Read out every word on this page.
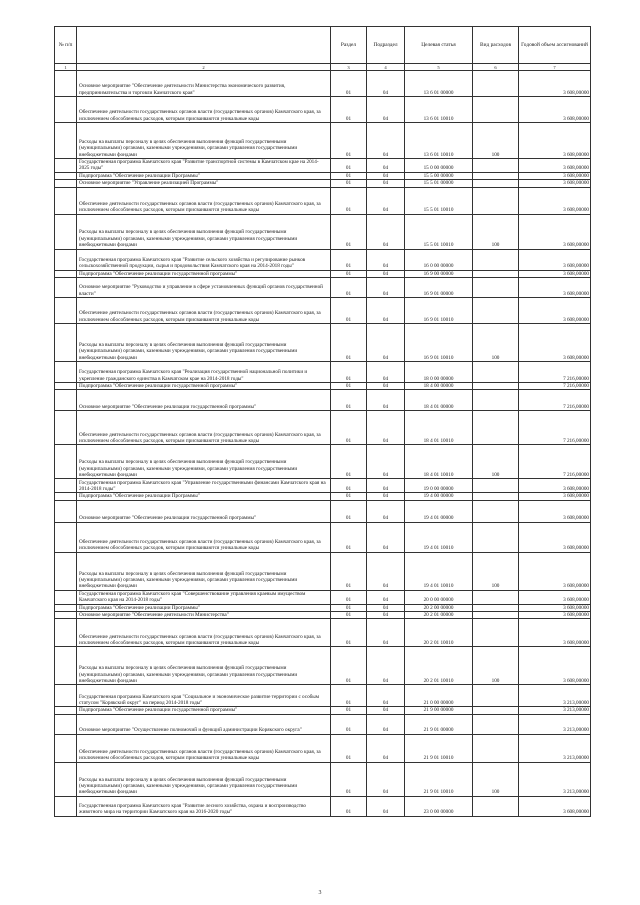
№ п/п		Раздел	Подраздел	Целевая статья	Вид расходов	Годовой объем ассигнований
1	2	3	4	5	6	7
	Основное мероприятие "Обеспечение деятельности Министерства экономического развития, предпринимательства и торговли Камчатского края"	01	04	13 6 01 00000		3 608,00000
	Обеспечение деятельности государственных органов власти (государственных органов) Камчатского края, за исключением обособленных расходов, которым присваиваются уникальные коды	01	04	13 6 01 10010		3 608,00000
	Расходы на выплаты персоналу в целях обеспечения выполнения функций государственными (муниципальными) органами, казенными учреждениями, органами управления государственными внебюджетными фондами	01	04	13 6 01 10010	100	3 608,00000
	Государственная программа Камчатского края "Развитие транспортной системы в Камчатском крае на 2014-2025 годы"	01	04	15 0 00 00000		3 608,00000
	Подпрограмма "Обеспечение реализации Программы"	01	04	15 5 00 00000		3 608,00000
	Основное мероприятие "Управление реализацией Программы"	01	04	15 5 01 00000		3 608,00000
	Обеспечение деятельности государственных органов власти (государственных органов) Камчатского края, за исключением обособленных расходов, которым присваиваются уникальные коды	01	04	15 5 01 10010		3 608,00000
	Расходы на выплаты персоналу в целях обеспечения выполнения функций государственными (муниципальными) органами, казенными учреждениями, органами управления государственными внебюджетными фондами	01	04	15 5 01 10010	100	3 608,00000
	Государственная программа Камчатского края "Развитие сельского хозяйства и регулирование рынков сельскохозяйственной продукции, сырья и продовольствия Камчатского края на 2014-2018 годы"	01	04	16 0 00 00000		3 608,00000
	Подпрограмма "Обеспечение реализации государственной программы"	01	04	16 9 00 00000		3 608,00000
	Основное мероприятие "Руководство и управление в сфере установленных функций органов государственной власти"	01	04	16 9 01 00000		3 608,00000
	Обеспечение деятельности государственных органов власти (государственных органов) Камчатского края, за исключением обособленных расходов, которым присваиваются уникальные коды	01	04	16 9 01 10010		3 608,00000
	Расходы на выплаты персоналу в целях обеспечения выполнения функций государственными (муниципальными) органами, казенными учреждениями, органами управления государственными внебюджетными фондами	01	04	16 9 01 10010	100	3 608,00000
	Государственная программа Камчатского края "Реализация государственной национальной политики и укрепление гражданского единства в Камчатском крае на 2014-2018 годы"	01	04	18 0 00 00000		7 216,00000
	Подпрограмма "Обеспечение реализации государственной программы"	01	04	18 4 00 00000		7 216,00000
	Основное мероприятие "Обеспечение реализации государственной программы"	01	04	18 4 01 00000		7 216,00000
	Обеспечение деятельности государственных органов власти (государственных органов) Камчатского края, за исключением обособленных расходов, которым присваиваются уникальные коды	01	04	18 4 01 10010		7 216,00000
	Расходы на выплаты персоналу в целях обеспечения выполнения функций государственными (муниципальными) органами, казенными учреждениями, органами управления государственными внебюджетными фондами	01	04	18 4 01 10010	100	7 216,00000
	Государственная программа Камчатского края "Управление государственными финансами Камчатского края на 2014-2018 годы"	01	04	19 0 00 00000		3 608,00000
	Подпрограмма "Обеспечение реализации Программы"	01	04	19 4 00 00000		3 608,00000
	Основное мероприятие "Обеспечение реализации государственной программы"	01	04	19 4 01 00000		3 608,00000
	Обеспечение деятельности государственных органов власти (государственных органов) Камчатского края, за исключением обособленных расходов, которым присваиваются уникальные коды	01	04	19 4 01 10010		3 608,00000
	Расходы на выплаты персоналу в целях обеспечения выполнения функций государственными (муниципальными) органами, казенными учреждениями, органами управления государственными внебюджетными фондами	01	04	19 4 01 10010	100	3 608,00000
	Государственная программа Камчатского края "Совершенствование управления краевым имуществом Камчатского края на 2014-2018 годы"	01	04	20 0 00 00000		3 608,00000
	Подпрограмма "Обеспечение реализации Программы"	01	04	20 2 00 00000		3 608,00000
	Основное мероприятие "Обеспечение деятельности Министерства"	01	04	20 2 01 00000		3 608,00000
	Обеспечение деятельности государственных органов власти (государственных органов) Камчатского края, за исключением обособленных расходов, которым присваиваются уникальные коды	01	04	20 2 01 10010		3 608,00000
	Расходы на выплаты персоналу в целях обеспечения выполнения функций государственными (муниципальными) органами, казенными учреждениями, органами управления государственными внебюджетными фондами	01	04	20 2 01 10010	100	3 608,00000
	Государственная программа Камчатского края "Социальное и экономическое развитие территории с особым статусом "Корякский округ" на период 2014-2018 годы"	01	04	21 0 00 00000		3 213,00000
	Подпрограмма "Обеспечение реализации государственной программы"	01	04	21 9 00 00000		3 213,00000
	Основное мероприятие "Осуществление полномочий и функций администрации Корякского округа"	01	04	21 9 01 00000		3 213,00000
	Обеспечение деятельности государственных органов власти (государственных органов) Камчатского края, за исключением обособленных расходов, которым присваиваются уникальные коды	01	04	21 9 01 10010		3 213,00000
	Расходы на выплаты персоналу в целях обеспечения выполнения функций государственными (муниципальными) органами, казенными учреждениями, органами управления государственными внебюджетными фондами	01	04	21 9 01 10010	100	3 213,00000
	Государственная программа Камчатского края "Развитие лесного хозяйства, охрана и воспроизводство животного мира на территории Камчатского края на 2016-2020 годы"	01	04	23 0 00 00000		3 608,00000
3
